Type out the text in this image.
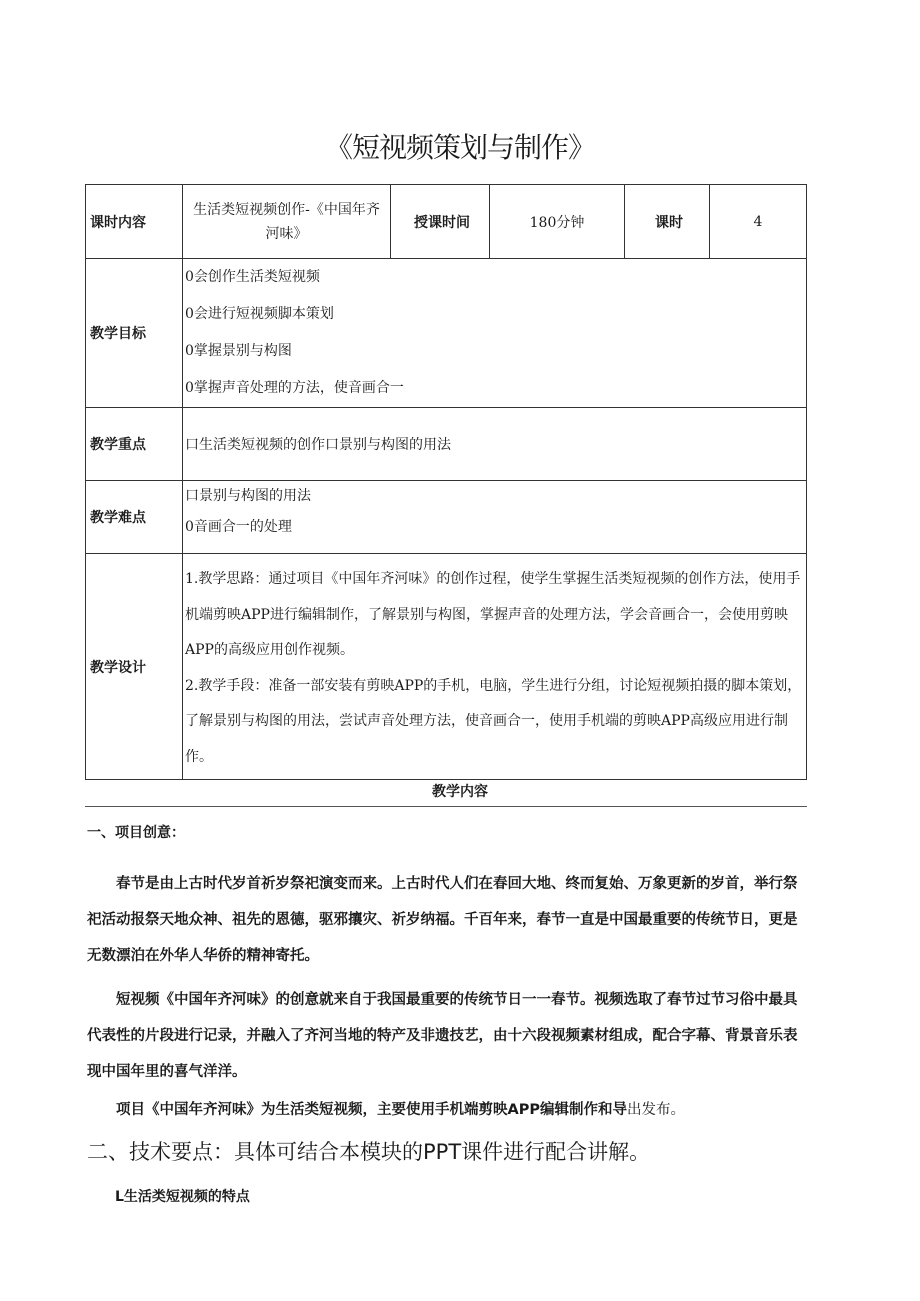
《短视频策划与制作》
课时内容	生活类短视频创作-《中国年齐河味》	授课时间	180分钟	课时	4
教学目标	0会创作生活类短视频
0会进行短视频脚本策划
0掌握景别与构图
0掌握声音处理的方法，使音画合一				

教学重点	口生活类短视频的创作口景别与构图的用法				
教学难点	口景别与构图的用法
0音画合一的处理				

教学设计	1.教学思路：通过项目《中国年齐河味》的创作过程，使学生掌握生活类短视频的创作方法，使用手机端剪映APP进行编辑制作，了解景别与构图，掌握声音的处理方法，学会音画合一，会使用剪映APP的高级应用创作视频。
2.教学手段：准备一部安装有剪映APP的手机，电脑，学生进行分组，讨论短视频拍摄的脚本策划，了解景别与构图的用法，尝试声音处理方法，使音画合一，使用手机端的剪映APP高级应用进行制作。				
教学内容
一、项目创意：
春节是由上古时代岁首祈岁祭祀演变而来。上古时代人们在春回大地、终而复始、万象更新的岁首，举行祭祀活动报祭天地众神、祖先的恩德，驱邪攘灾、祈岁纳福。千百年来，春节一直是中国最重要的传统节日，更是无数漂泊在外华人华侨的精神寄托。
短视频《中国年齐河味》的创意就来自于我国最重要的传统节日一一春节。视频选取了春节过节习俗中最具代表性的片段进行记录，并融入了齐河当地的特产及非遗技艺，由十六段视频素材组成，配合字幕、背景音乐表现中国年里的喜气洋洋。
项目《中国年齐河味》为生活类短视频，主要使用手机端剪映APP编辑制作和导出发布。
二、技术要点：具体可结合本模块的PPT课件进行配合讲解。
L生活类短视频的特点
